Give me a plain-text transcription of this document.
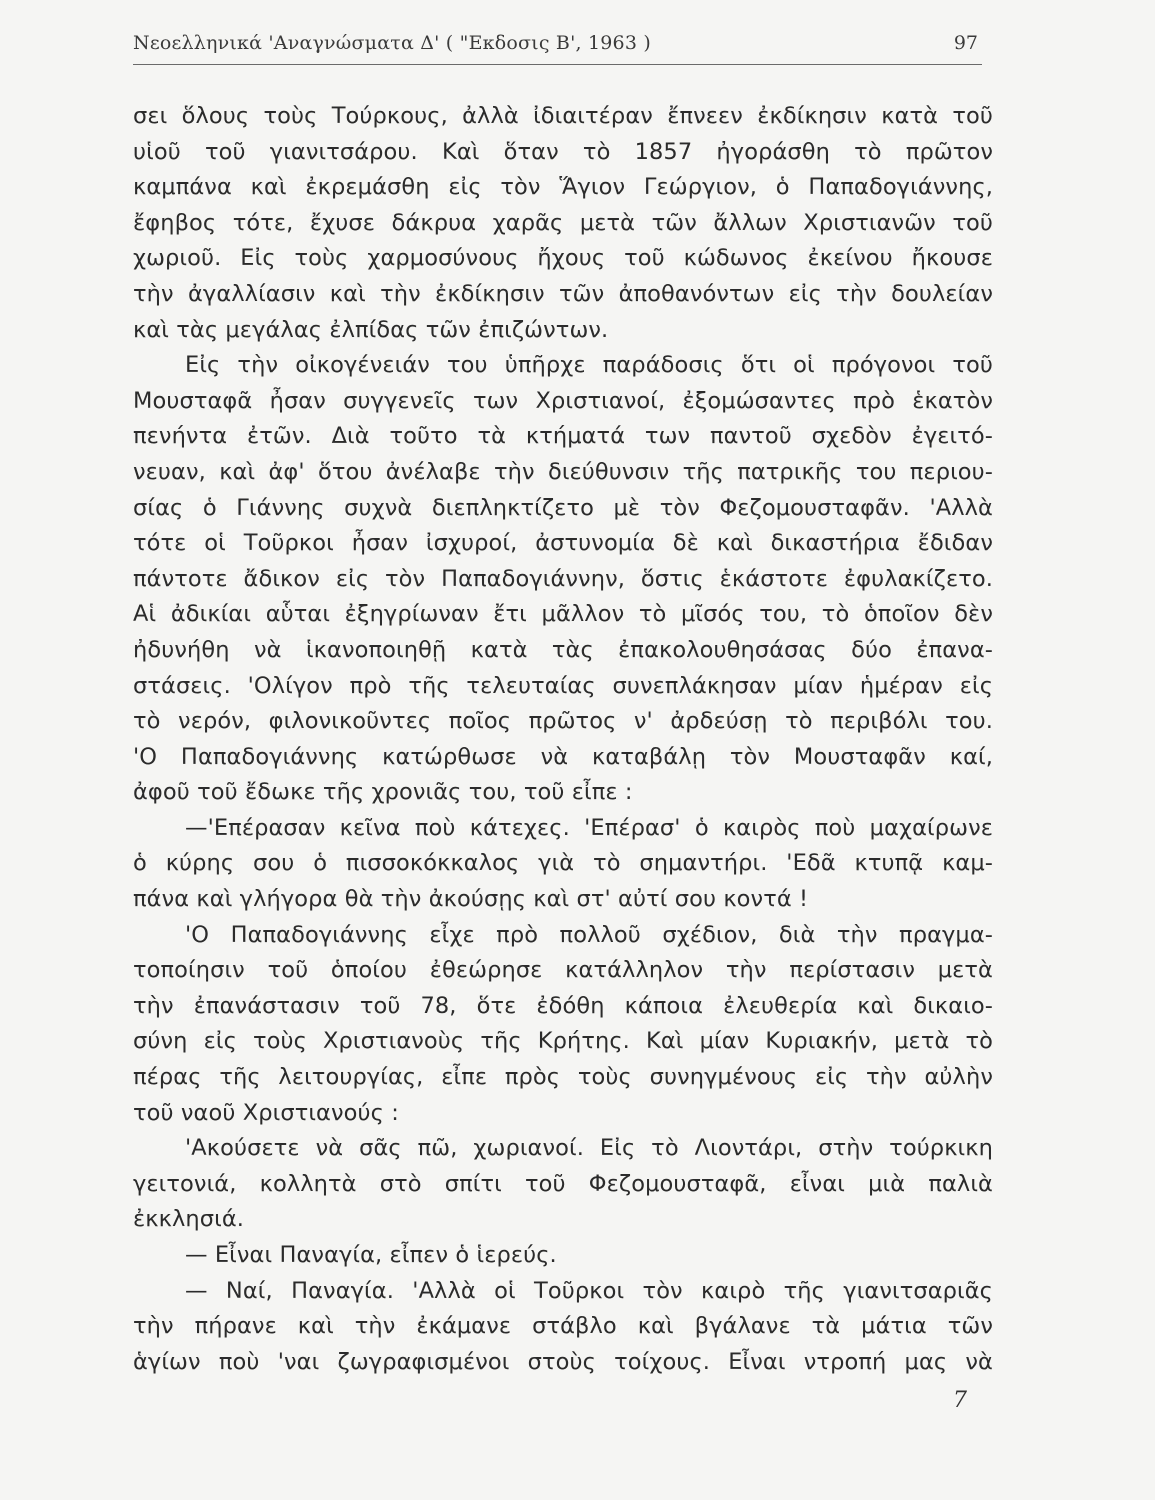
Νεοελληνικά 'Αναγνώσματα Δ' ( "Εκδοσις Β', 1963 )	97
σει ὅλους τοὺς Τούρκους, ἀλλὰ ἰδιαιτέραν ἔπνεεν ἐκδίκησιν κατὰ τοῦ
υἱοῦ τοῦ γιανιτσάρου. Καὶ ὅταν τὸ 1857 ἠγοράσθη τὸ πρῶτον
καμπάνα καὶ ἐκρεμάσθη εἰς τὸν Ἅγιον Γεώργιον, ὁ Παπαδογιάννης,
ἔφηβος τότε, ἔχυσε δάκρυα χαρᾶς μετὰ τῶν ἄλλων Χριστιανῶν τοῦ
χωριοῦ. Εἰς τοὺς χαρμοσύνους ἤχους τοῦ κώδωνος ἐκείνου ἤκουσε
τὴν ἀγαλλίασιν καὶ τὴν ἐκδίκησιν τῶν ἀποθανόντων εἰς τὴν δουλείαν
καὶ τὰς μεγάλας ἐλπίδας τῶν ἐπιζώντων.
Εἰς τὴν οἰκογένειάν του ὑπῆρχε παράδοσις ὅτι οἱ πρόγονοι τοῦ
Μουσταφᾶ ἦσαν συγγενεῖς των Χριστιανοί, ἐξομώσαντες πρὸ ἑκατὸν
πενήντα ἐτῶν. Διὰ τοῦτο τὰ κτήματά των παντοῦ σχεδὸν ἐγειτό-
νευαν, καὶ ἀφ' ὅτου ἀνέλαβε τὴν διεύθυνσιν τῆς πατρικῆς του περιου-
σίας ὁ Γιάννης συχνὰ διεπληκτίζετο μὲ τὸν Φεζομουσταφᾶν. 'Αλλὰ
τότε οἱ Τοῦρκοι ἦσαν ἰσχυροί, ἀστυνομία δὲ καὶ δικαστήρια ἔδιδαν
πάντοτε ἄδικον εἰς τὸν Παπαδογιάννην, ὅστις ἑκάστοτε ἐφυλακίζετο.
Αἱ ἀδικίαι αὗται ἐξηγρίωναν ἔτι μᾶλλον τὸ μῖσός του, τὸ ὁποῖον δὲν
ἠδυνήθη νὰ ἱκανοποιηθῇ κατὰ τὰς ἐπακολουθησάσας δύο ἐπανα-
στάσεις. 'Ολίγον πρὸ τῆς τελευταίας συνεπλάκησαν μίαν ἡμέραν εἰς
τὸ νερόν, φιλονικοῦντες ποῖος πρῶτος ν' ἀρδεύσῃ τὸ περιβόλι του.
'Ο Παπαδογιάννης κατώρθωσε νὰ καταβάλῃ τὸν Μουσταφᾶν καί,
ἀφοῦ τοῦ ἔδωκε τῆς χρονιᾶς του, τοῦ εἶπε :
—'Επέρασαν κεῖνα ποὺ κάτεχες. 'Επέρασ' ὁ καιρὸς ποὺ μαχαίρωνε
ὁ κύρης σου ὁ πισσοκόκκαλος γιὰ τὸ σημαντήρι. 'Εδᾶ κτυπᾷ καμ-
πάνα καὶ γλήγορα θὰ τὴν ἀκούσῃς καὶ στ' αὐτί σου κοντά !
'Ο Παπαδογιάννης εἶχε πρὸ πολλοῦ σχέδιον, διὰ τὴν πραγμα-
τοποίησιν τοῦ ὁποίου ἐθεώρησε κατάλληλον τὴν περίστασιν μετὰ
τὴν ἐπανάστασιν τοῦ 78, ὅτε ἐδόθη κάποια ἐλευθερία καὶ δικαιο-
σύνη εἰς τοὺς Χριστιανοὺς τῆς Κρήτης. Καὶ μίαν Κυριακήν, μετὰ τὸ
πέρας τῆς λειτουργίας, εἶπε πρὸς τοὺς συνηγμένους εἰς τὴν αὐλὴν
τοῦ ναοῦ Χριστιανούς :
'Ακούσετε νὰ σᾶς πῶ, χωριανοί. Εἰς τὸ Λιοντάρι, στὴν τούρκικη
γειτονιά, κολλητὰ στὸ σπίτι τοῦ Φεζομουσταφᾶ, εἶναι μιὰ παλιὰ
ἐκκλησιά.
— Εἶναι Παναγία, εἶπεν ὁ ἱερεύς.
— Ναί, Παναγία. 'Αλλὰ οἱ Τοῦρκοι τὸν καιρὸ τῆς γιανιτσαριᾶς
τὴν πήρανε καὶ τὴν ἐκάμανε στάβλο καὶ βγάλανε τὰ μάτια τῶν
ἁγίων ποὺ 'ναι ζωγραφισμένοι στοὺς τοίχους. Εἶναι ντροπή μας νὰ
7
